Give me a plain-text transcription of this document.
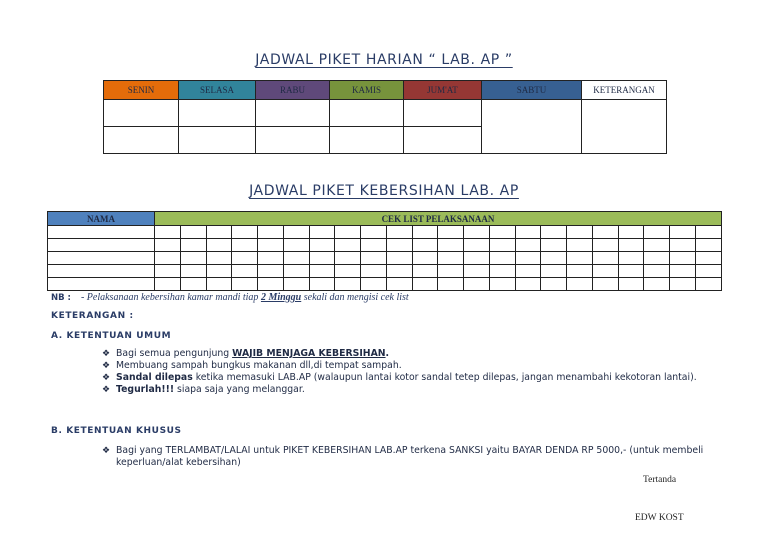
JADWAL PIKET HARIAN “ LAB. AP ”
SENIN	SELASA	RABU	KAMIS	JUM'AT	SABTU	KETERANGAN

JADWAL PIKET KEBERSIHAN LAB. AP
NAMA	CEK LIST PELAKSANAAN																					

NB : - Pelaksanaan kebersihan kamar mandi tiap 2 Minggu sekali dan mengisi cek list
KETERANGAN :
A. KETENTUAN UMUM
❖ Bagi semua pengunjung WAJIB MENJAGA KEBERSIHAN.
❖ Membuang sampah bungkus makanan dll,di tempat sampah.
❖ Sandal dilepas ketika memasuki LAB.AP (walaupun lantai kotor sandal tetep dilepas, jangan menambahi kekotoran lantai).
❖ Tegurlah!!! siapa saja yang melanggar.
B. KETENTUAN KHUSUS
❖ Bagi yang TERLAMBAT/LALAI untuk PIKET KEBERSIHAN LAB.AP terkena SANKSI yaitu BAYAR DENDA RP 5000,- (untuk membeli keperluan/alat kebersihan)
Tertanda
EDW KOST
